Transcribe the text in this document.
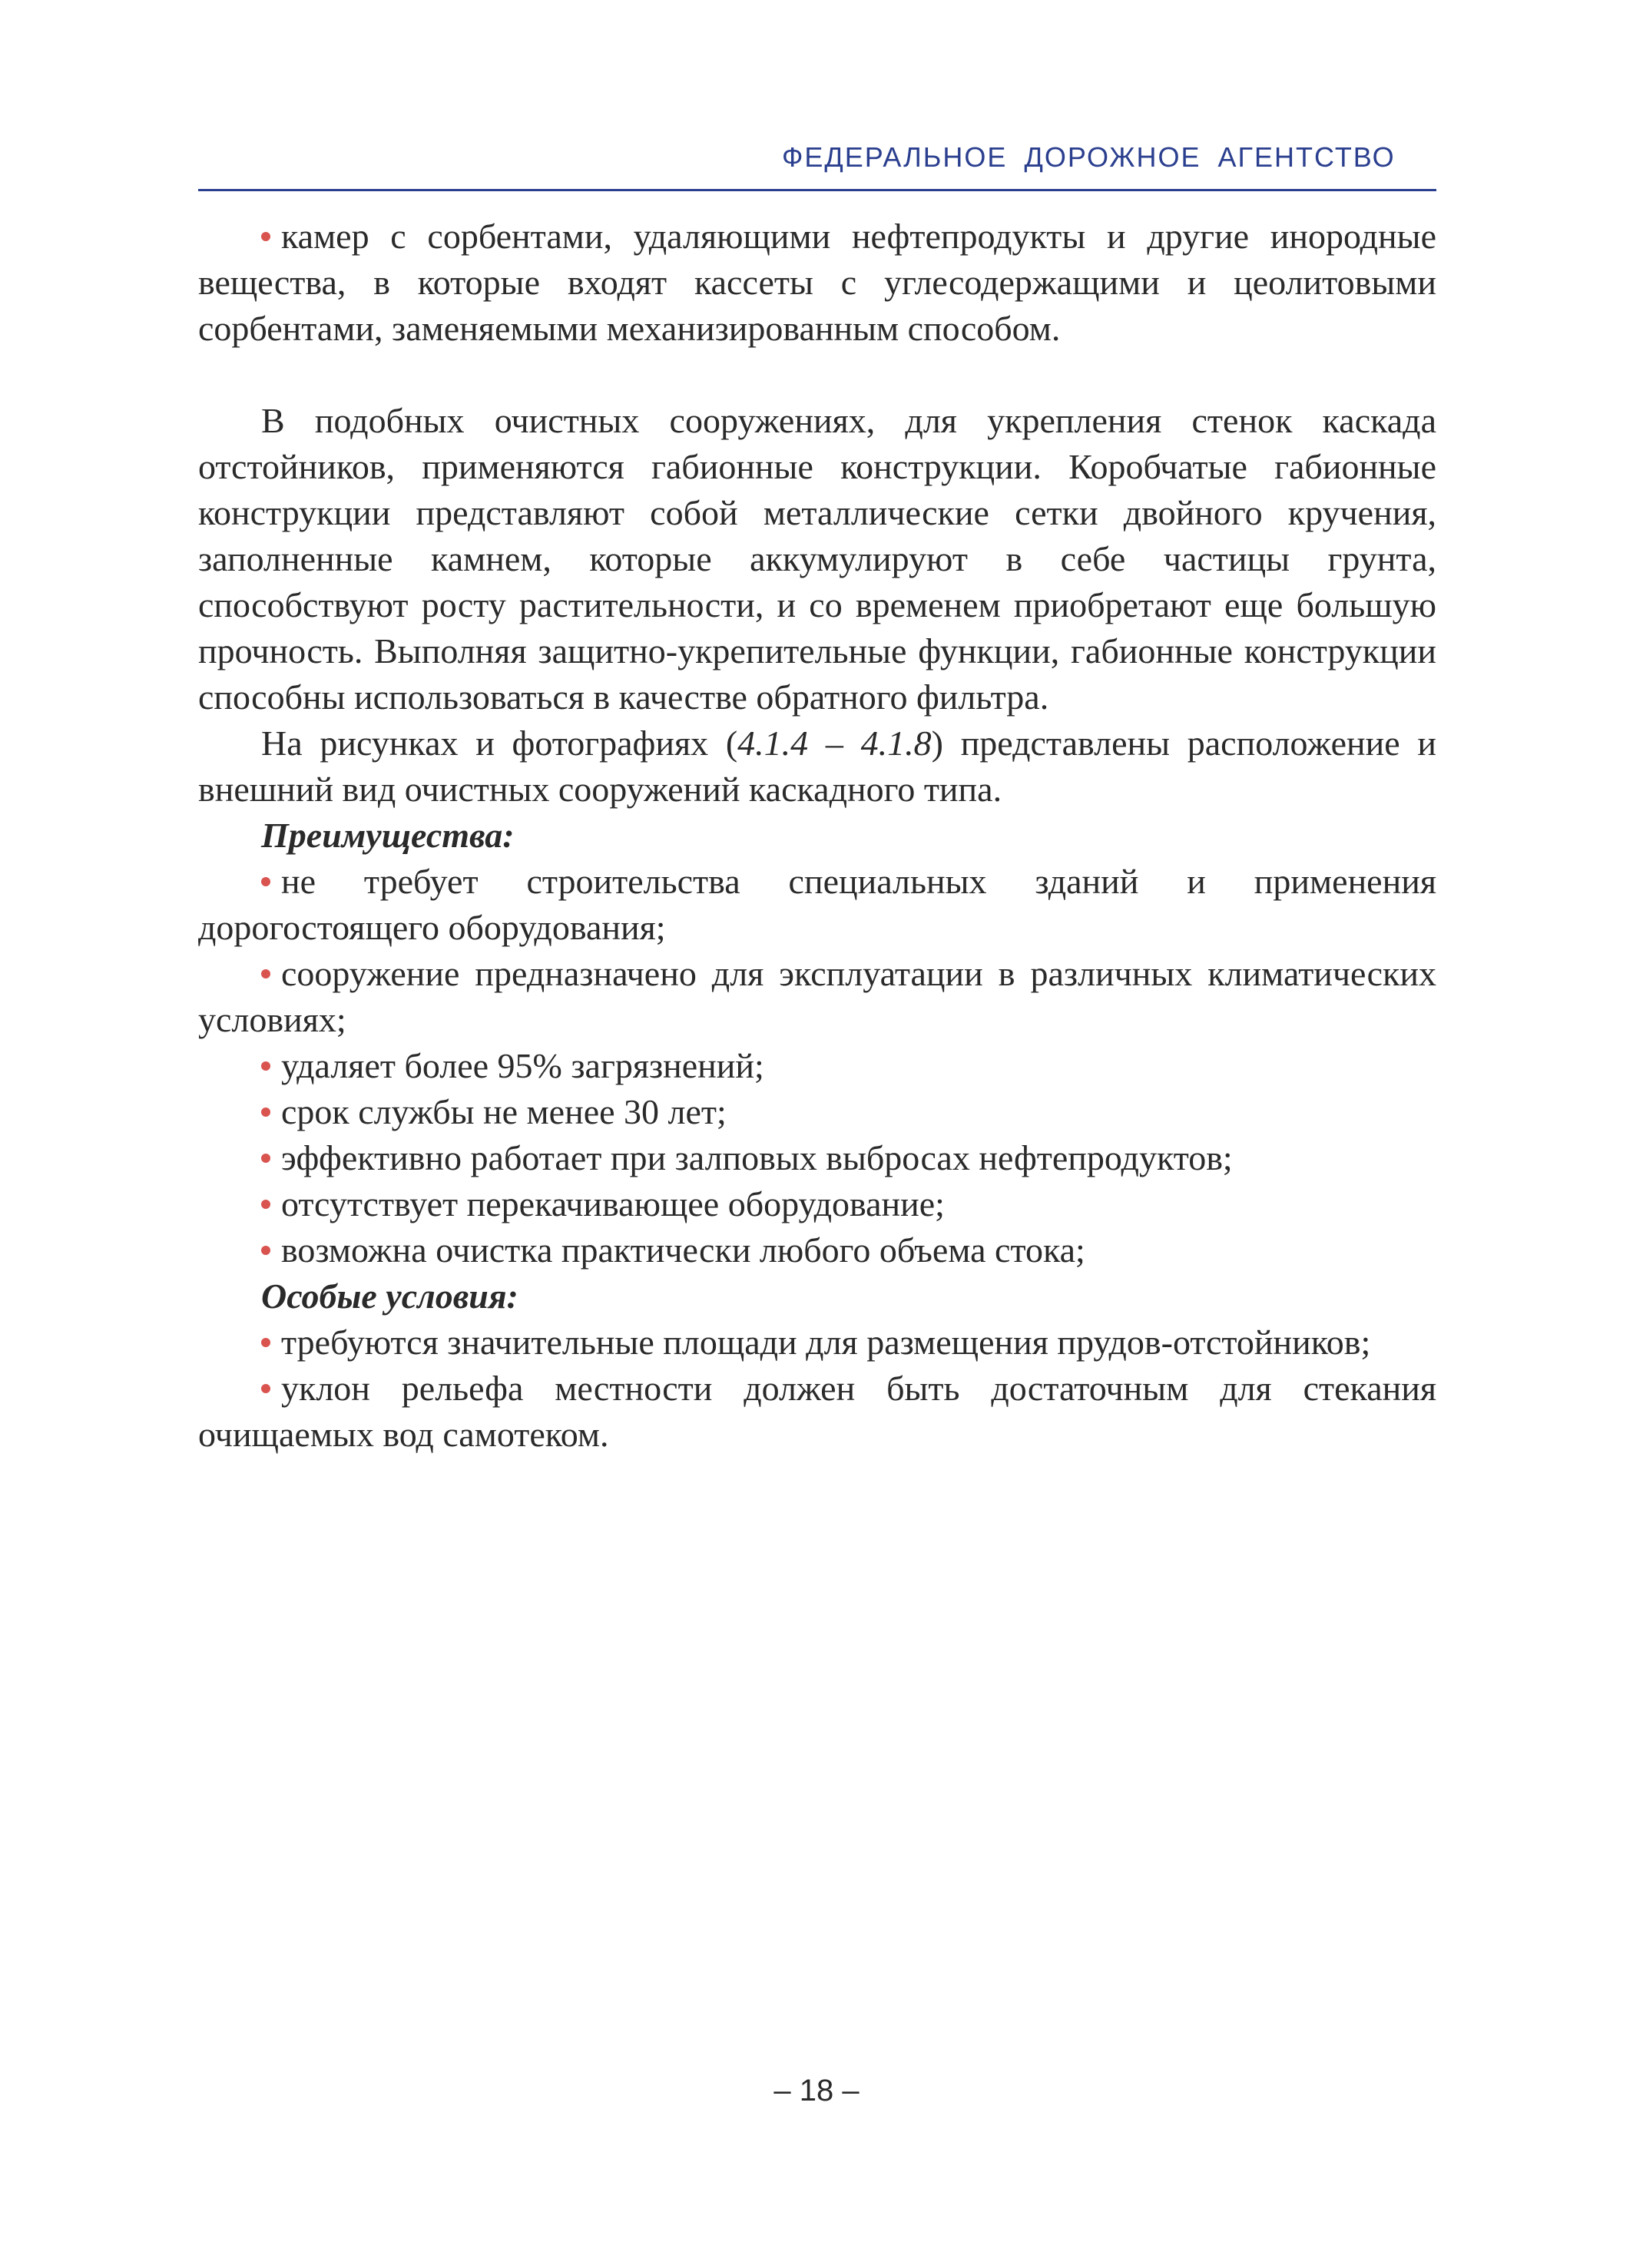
ФЕДЕРАЛЬНОЕ ДОРОЖНОЕ АГЕНТСТВО

камер с сорбентами, удаляющими нефтепродукты и другие инородные вещества, в которые входят кассеты с углесодержащими и цеолитовыми сорбентами, заменяемыми механизированным способом.

В подобных очистных сооружениях, для укрепления стенок каскада отстойников, применяются габионные конструкции. Коробчатые габионные конструкции представляют собой металлические сетки двойного кручения, заполненные камнем, которые аккумулируют в себе частицы грунта, способствуют росту растительности, и со временем приобретают еще большую прочность. Выполняя защитно-укрепительные функции, габионные конструкции способны использоваться в качестве обратного фильтра.

На рисунках и фотографиях (4.1.4 – 4.1.8) представлены расположение и внешний вид очистных сооружений каскадного типа.

Преимущества:

не требует строительства специальных зданий и применения дорогостоящего оборудования;

сооружение предназначено для эксплуатации в различных климатических условиях;

удаляет более 95% загрязнений;

срок службы не менее 30 лет;

эффективно работает при залповых выбросах нефтепродуктов;

отсутствует перекачивающее оборудование;

возможна очистка практически любого объема стока;

Особые условия:

требуются значительные площади для размещения прудов-отстойников;

уклон рельефа местности должен быть достаточным для стекания очищаемых вод самотеком.

– 18 –
